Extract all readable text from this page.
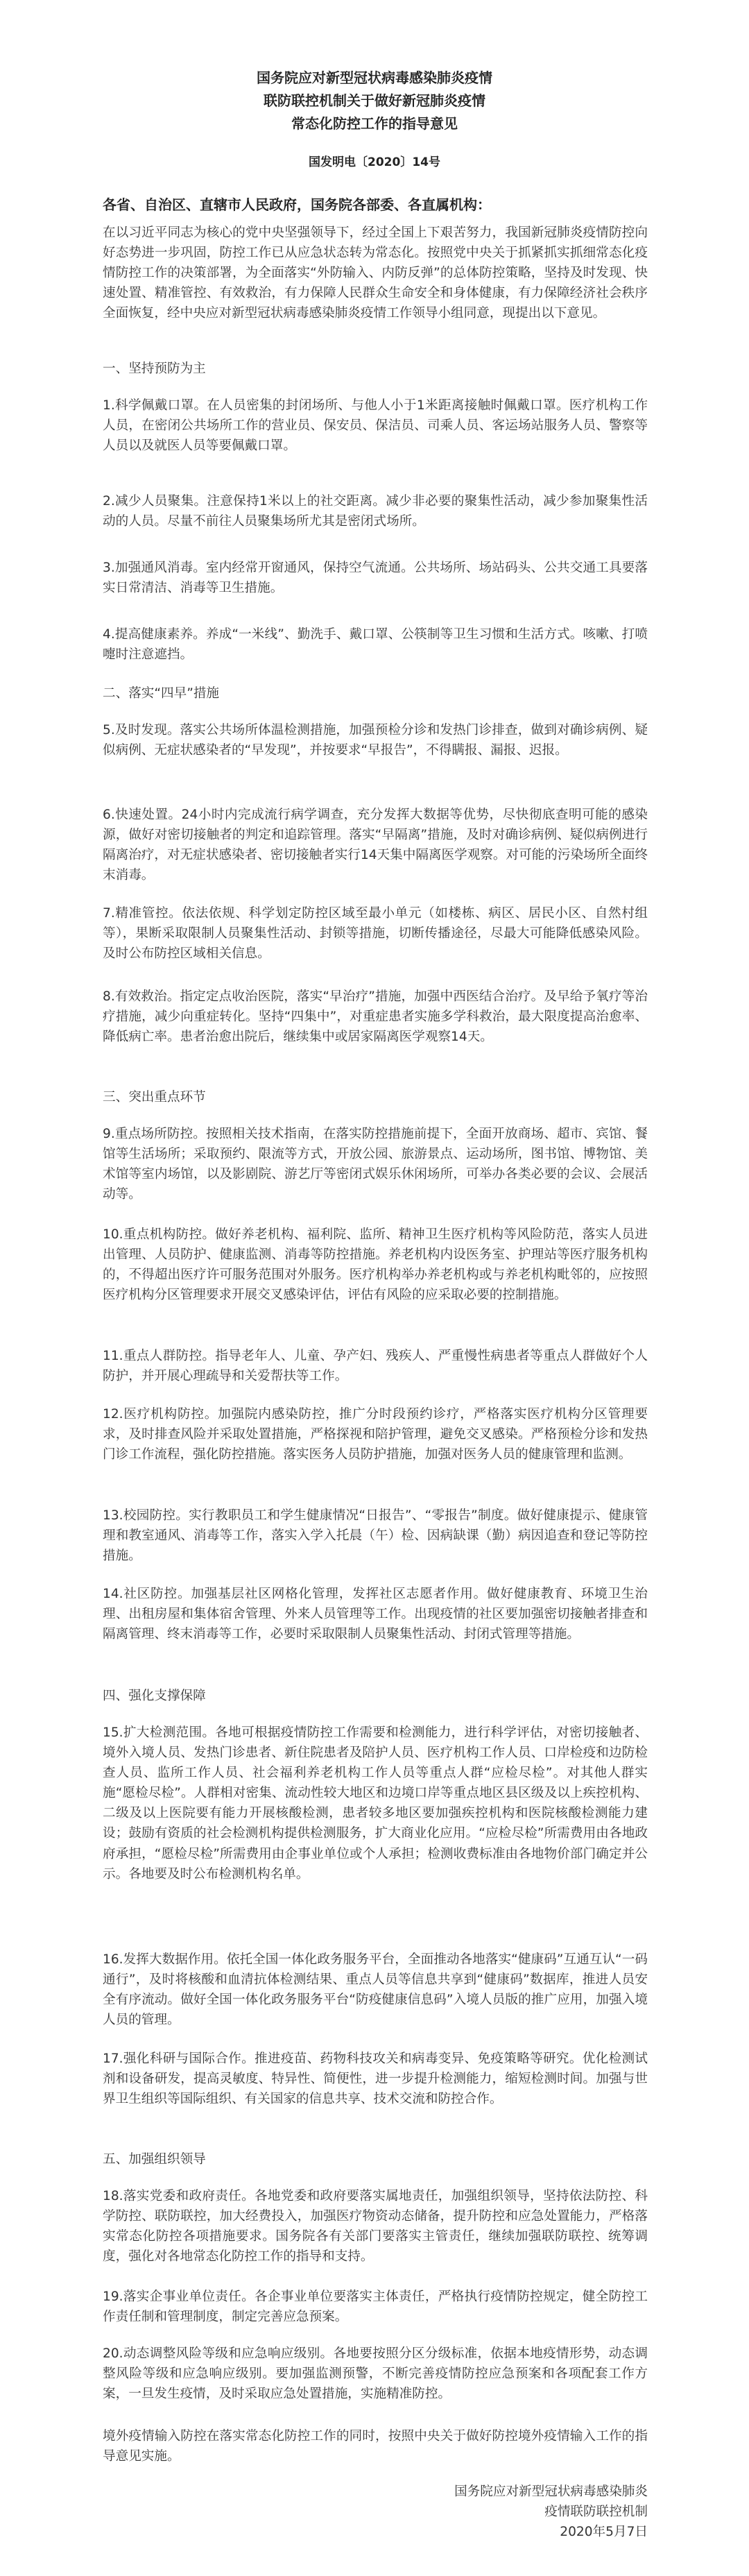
国务院应对新型冠状病毒感染肺炎疫情
联防联控机制关于做好新冠肺炎疫情
常态化防控工作的指导意见
国发明电〔2020〕14号
各省、自治区、直辖市人民政府，国务院各部委、各直属机构：

在以习近平同志为核心的党中央坚强领导下，经过全国上下艰苦努力，我国新冠肺炎疫情防控向好态势进一步巩固，防控工作已从应急状态转为常态化。按照党中央关于抓紧抓实抓细常态化疫情防控工作的决策部署，为全面落实“外防输入、内防反弹”的总体防控策略，坚持及时发现、快速处置、精准管控、有效救治，有力保障人民群众生命安全和身体健康，有力保障经济社会秩序全面恢复，经中央应对新型冠状病毒感染肺炎疫情工作领导小组同意，现提出以下意见。

一、坚持预防为主

1.科学佩戴口罩。在人员密集的封闭场所、与他人小于1米距离接触时佩戴口罩。医疗机构工作人员，在密闭公共场所工作的营业员、保安员、保洁员、司乘人员、客运场站服务人员、警察等人员以及就医人员等要佩戴口罩。

2.减少人员聚集。注意保持1米以上的社交距离。减少非必要的聚集性活动，减少参加聚集性活动的人员。尽量不前往人员聚集场所尤其是密闭式场所。

3.加强通风消毒。室内经常开窗通风，保持空气流通。公共场所、场站码头、公共交通工具要落实日常清洁、消毒等卫生措施。

4.提高健康素养。养成“一米线”、勤洗手、戴口罩、公筷制等卫生习惯和生活方式。咳嗽、打喷嚏时注意遮挡。

二、落实“四早”措施

5.及时发现。落实公共场所体温检测措施，加强预检分诊和发热门诊排查，做到对确诊病例、疑似病例、无症状感染者的“早发现”，并按要求“早报告”，不得瞒报、漏报、迟报。

6.快速处置。24小时内完成流行病学调查，充分发挥大数据等优势，尽快彻底查明可能的感染源，做好对密切接触者的判定和追踪管理。落实“早隔离”措施，及时对确诊病例、疑似病例进行隔离治疗，对无症状感染者、密切接触者实行14天集中隔离医学观察。对可能的污染场所全面终末消毒。

7.精准管控。依法依规、科学划定防控区域至最小单元（如楼栋、病区、居民小区、自然村组等），果断采取限制人员聚集性活动、封锁等措施，切断传播途径，尽最大可能降低感染风险。及时公布防控区域相关信息。

8.有效救治。指定定点收治医院，落实“早治疗”措施，加强中西医结合治疗。及早给予氧疗等治疗措施，减少向重症转化。坚持“四集中”，对重症患者实施多学科救治，最大限度提高治愈率、降低病亡率。患者治愈出院后，继续集中或居家隔离医学观察14天。

三、突出重点环节

9.重点场所防控。按照相关技术指南，在落实防控措施前提下，全面开放商场、超市、宾馆、餐馆等生活场所；采取预约、限流等方式，开放公园、旅游景点、运动场所，图书馆、博物馆、美术馆等室内场馆，以及影剧院、游艺厅等密闭式娱乐休闲场所，可举办各类必要的会议、会展活动等。

10.重点机构防控。做好养老机构、福利院、监所、精神卫生医疗机构等风险防范，落实人员进出管理、人员防护、健康监测、消毒等防控措施。养老机构内设医务室、护理站等医疗服务机构的，不得超出医疗许可服务范围对外服务。医疗机构举办养老机构或与养老机构毗邻的，应按照医疗机构分区管理要求开展交叉感染评估，评估有风险的应采取必要的控制措施。

11.重点人群防控。指导老年人、儿童、孕产妇、残疾人、严重慢性病患者等重点人群做好个人防护，并开展心理疏导和关爱帮扶等工作。

12.医疗机构防控。加强院内感染防控，推广分时段预约诊疗，严格落实医疗机构分区管理要求，及时排查风险并采取处置措施，严格探视和陪护管理，避免交叉感染。严格预检分诊和发热门诊工作流程，强化防控措施。落实医务人员防护措施，加强对医务人员的健康管理和监测。

13.校园防控。实行教职员工和学生健康情况“日报告”、“零报告”制度。做好健康提示、健康管理和教室通风、消毒等工作，落实入学入托晨（午）检、因病缺课（勤）病因追查和登记等防控措施。

14.社区防控。加强基层社区网格化管理，发挥社区志愿者作用。做好健康教育、环境卫生治理、出租房屋和集体宿舍管理、外来人员管理等工作。出现疫情的社区要加强密切接触者排查和隔离管理、终末消毒等工作，必要时采取限制人员聚集性活动、封闭式管理等措施。

四、强化支撑保障

15.扩大检测范围。各地可根据疫情防控工作需要和检测能力，进行科学评估，对密切接触者、境外入境人员、发热门诊患者、新住院患者及陪护人员、医疗机构工作人员、口岸检疫和边防检查人员、监所工作人员、社会福利养老机构工作人员等重点人群“应检尽检”。对其他人群实施“愿检尽检”。人群相对密集、流动性较大地区和边境口岸等重点地区县区级及以上疾控机构、二级及以上医院要有能力开展核酸检测，患者较多地区要加强疾控机构和医院核酸检测能力建设；鼓励有资质的社会检测机构提供检测服务，扩大商业化应用。“应检尽检”所需费用由各地政府承担，“愿检尽检”所需费用由企事业单位或个人承担；检测收费标准由各地物价部门确定并公示。各地要及时公布检测机构名单。

16.发挥大数据作用。依托全国一体化政务服务平台，全面推动各地落实“健康码”互通互认“一码通行”，及时将核酸和血清抗体检测结果、重点人员等信息共享到“健康码”数据库，推进人员安全有序流动。做好全国一体化政务服务平台“防疫健康信息码”入境人员版的推广应用，加强入境人员的管理。

17.强化科研与国际合作。推进疫苗、药物科技攻关和病毒变异、免疫策略等研究。优化检测试剂和设备研发，提高灵敏度、特异性、简便性，进一步提升检测能力，缩短检测时间。加强与世界卫生组织等国际组织、有关国家的信息共享、技术交流和防控合作。

五、加强组织领导

18.落实党委和政府责任。各地党委和政府要落实属地责任，加强组织领导，坚持依法防控、科学防控、联防联控，加大经费投入，加强医疗物资动态储备，提升防控和应急处置能力，严格落实常态化防控各项措施要求。国务院各有关部门要落实主管责任，继续加强联防联控、统筹调度，强化对各地常态化防控工作的指导和支持。

19.落实企事业单位责任。各企事业单位要落实主体责任，严格执行疫情防控规定，健全防控工作责任制和管理制度，制定完善应急预案。

20.动态调整风险等级和应急响应级别。各地要按照分区分级标准，依据本地疫情形势，动态调整风险等级和应急响应级别。要加强监测预警，不断完善疫情防控应急预案和各项配套工作方案，一旦发生疫情，及时采取应急处置措施，实施精准防控。

境外疫情输入防控在落实常态化防控工作的同时，按照中央关于做好防控境外疫情输入工作的指导意见实施。

国务院应对新型冠状病毒感染肺炎
疫情联防联控机制
2020年5月7日
